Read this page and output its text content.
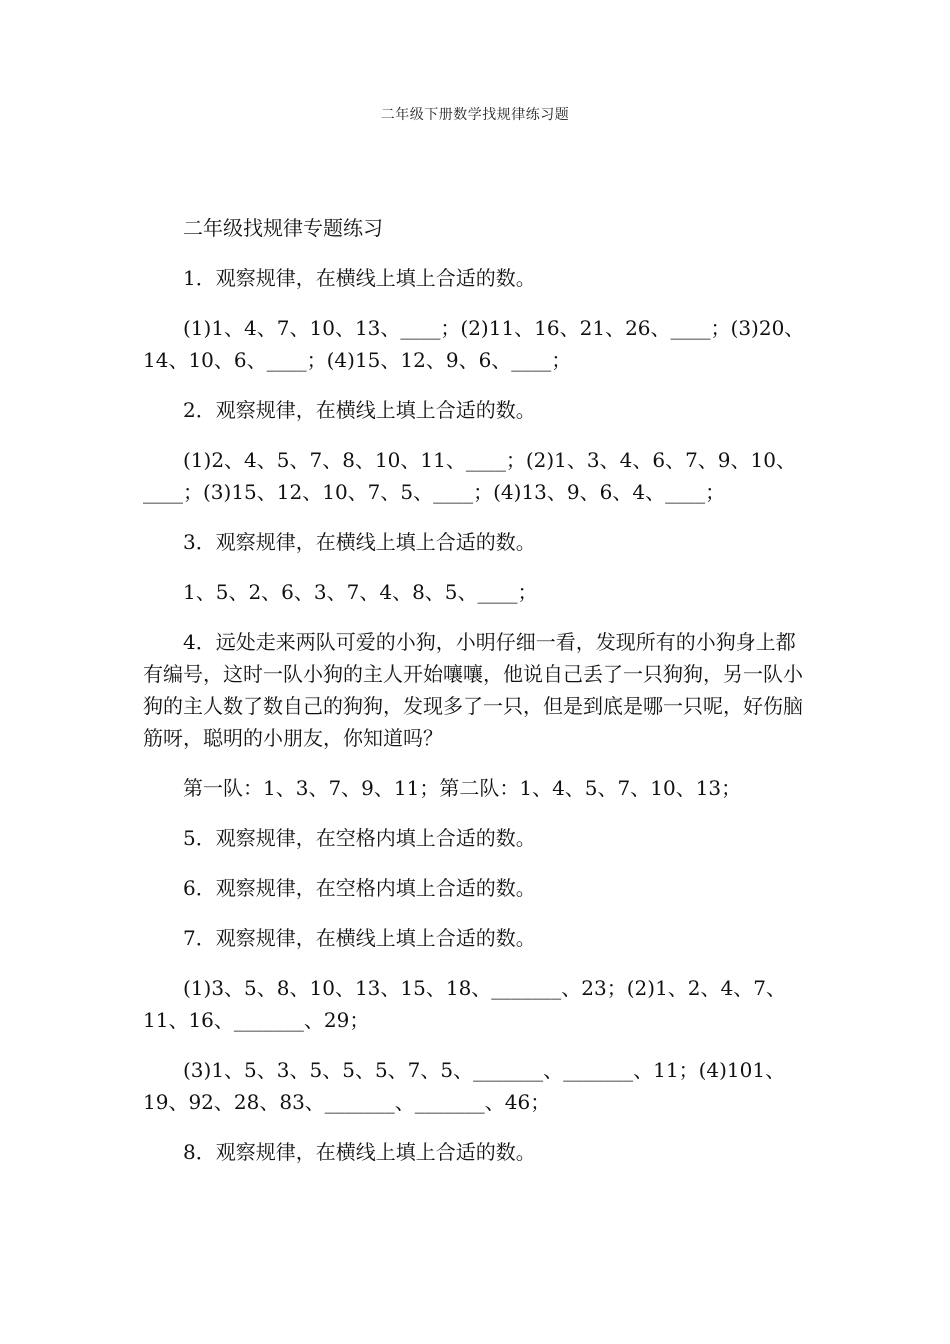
二年级下册数学找规律练习题

二年级找规律专题练习

1．观察规律，在横线上填上合适的数。

(1)1、4、7、10、13、____；(2)11、16、21、26、____；(3)20、14、10、6、____；(4)15、12、9、6、____；

2．观察规律，在横线上填上合适的数。

(1)2、4、5、7、8、10、11、____；(2)1、3、4、6、7、9、10、____；(3)15、12、10、7、5、____；(4)13、9、6、4、____；

3．观察规律，在横线上填上合适的数。

1、5、2、6、3、7、4、8、5、____；

4．远处走来两队可爱的小狗，小明仔细一看，发现所有的小狗身上都有编号，这时一队小狗的主人开始嚷嚷，他说自己丢了一只狗狗，另一队小狗的主人数了数自己的狗狗，发现多了一只，但是到底是哪一只呢，好伤脑筋呀，聪明的小朋友，你知道吗？

第一队：1、3、7、9、11；第二队：1、4、5、7、10、13；

5．观察规律，在空格内填上合适的数。

6．观察规律，在空格内填上合适的数。

7．观察规律，在横线上填上合适的数。

(1)3、5、8、10、13、15、18、_______、23；(2)1、2、4、7、11、16、_______、29；

(3)1、5、3、5、5、5、7、5、_______、_______、11；(4)101、19、92、28、83、_______、_______、46；

8．观察规律，在横线上填上合适的数。
